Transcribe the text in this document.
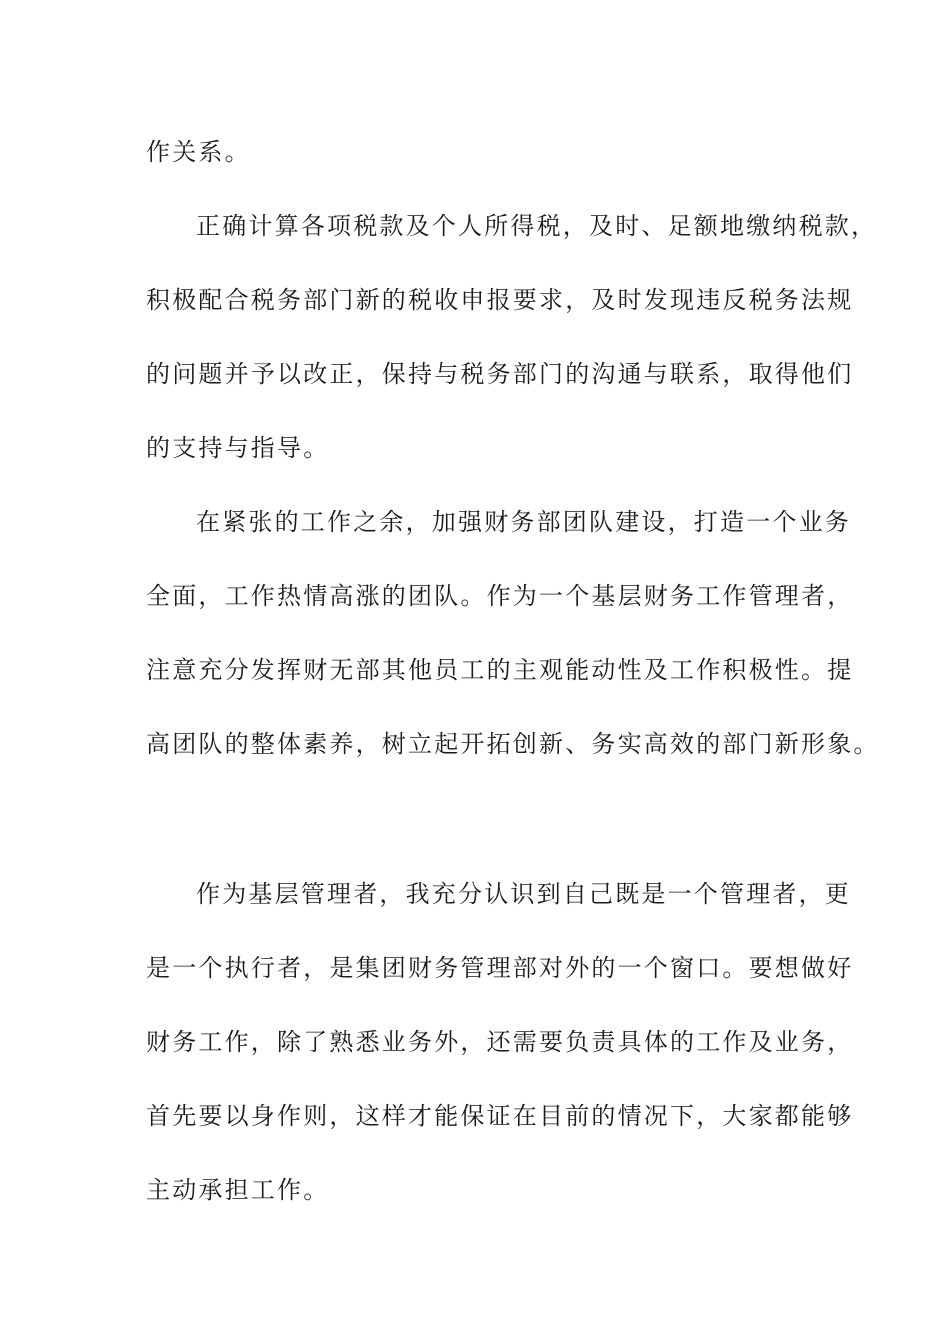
作关系。
正确计算各项税款及个人所得税，及时、足额地缴纳税款，
积极配合税务部门新的税收申报要求，及时发现违反税务法规
的问题并予以改正，保持与税务部门的沟通与联系，取得他们
的支持与指导。
在紧张的工作之余，加强财务部团队建设，打造一个业务
全面，工作热情高涨的团队。作为一个基层财务工作管理者，
注意充分发挥财无部其他员工的主观能动性及工作积极性。提
高团队的整体素养，树立起开拓创新、务实高效的部门新形象。
作为基层管理者，我充分认识到自己既是一个管理者，更
是一个执行者，是集团财务管理部对外的一个窗口。要想做好
财务工作，除了熟悉业务外，还需要负责具体的工作及业务，
首先要以身作则，这样才能保证在目前的情况下，大家都能够
主动承担工作。
